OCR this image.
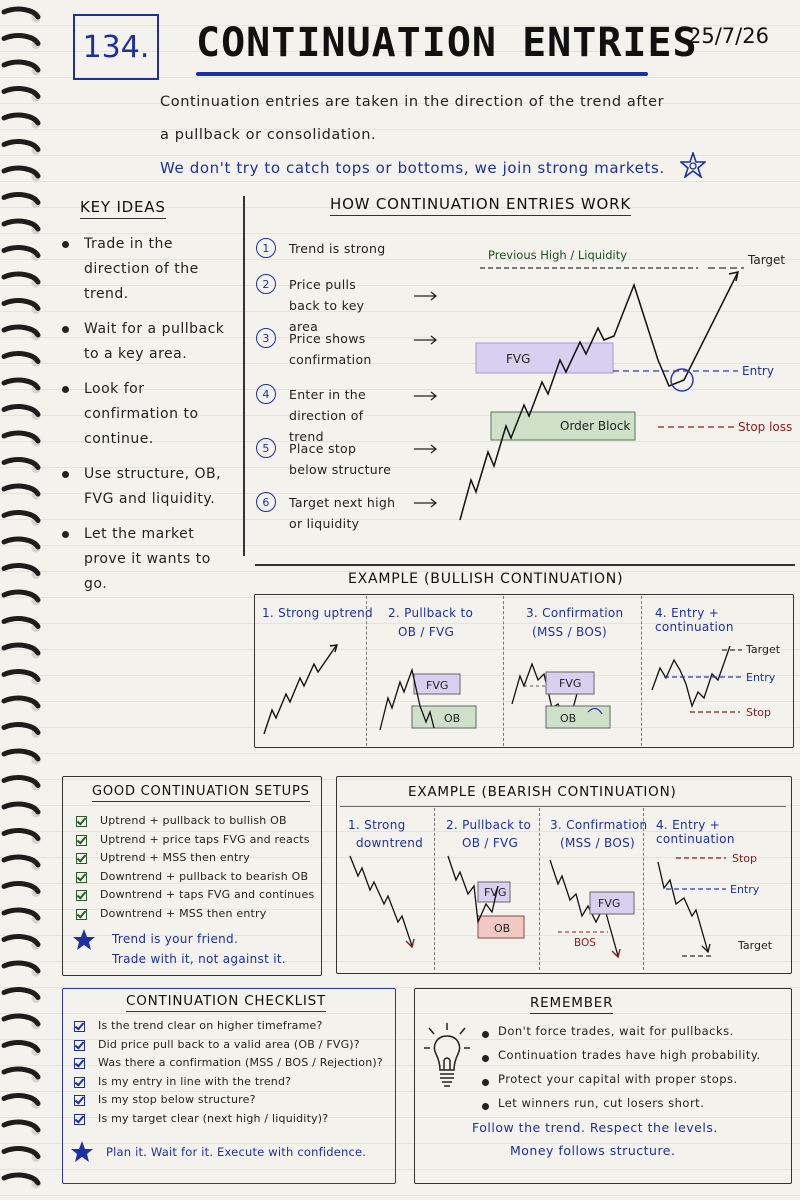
134. CONTINUATION ENTRIES
25/7/26
Continuation entries are taken in the direction of the trend after
a pullback or consolidation.
We don't try to catch tops or bottoms, we join strong markets.
KEY IDEAS
Trade in the direction of the trend.
Wait for a pullback to a key area.
Look for confirmation to continue.
Use structure, OB, FVG and liquidity.
Let the market prove it wants to go.
HOW CONTINUATION ENTRIES WORK
1	Trend is strong
2	Price pulls back to key area
3	Price shows confirmation
4	Enter in the direction of trend
5	Place stop below structure
6	Target next high or liquidity
Previous High / Liquidity	Target
FVG
Entry
Order Block	Stop loss
EXAMPLE (BULLISH CONTINUATION)
1. Strong uptrend 2. Pullback to
OB / FVG
3. Confirmation
(MSS / BOS)
4. Entry + continuation
FVG
OB
FVG
OB
Entry
Target
Stop
GOOD CONTINUATION SETUPS
Uptrend + pullback to bullish OB
Uptrend + price taps FVG and reacts
Uptrend + MSS then entry
Downtrend + pullback to bearish OB
Downtrend + taps FVG and continues
Downtrend + MSS then entry
Trend is your friend.
Trade with it, not against it.
EXAMPLE (BEARISH CONTINUATION)
1. Strong
downtrend
2. Pullback to
OB / FVG
3. Confirmation
(MSS / BOS)
4. Entry + continuation
FVG
OB
FVG
BOS
Stop
Entry
Target
CONTINUATION CHECKLIST
Is the trend clear on higher timeframe?
Did price pull back to a valid area (OB / FVG)?
Was there a confirmation (MSS / BOS / Rejection)?
Is my entry in line with the trend?
Is my stop below structure?
Is my target clear (next high / liquidity)?
Plan it. Wait for it. Execute with confidence.
REMEMBER
Don't force trades, wait for pullbacks.
Continuation trades have high probability.
Protect your capital with proper stops.
Let winners run, cut losers short.
Follow the trend. Respect the levels.
Money follows structure.
